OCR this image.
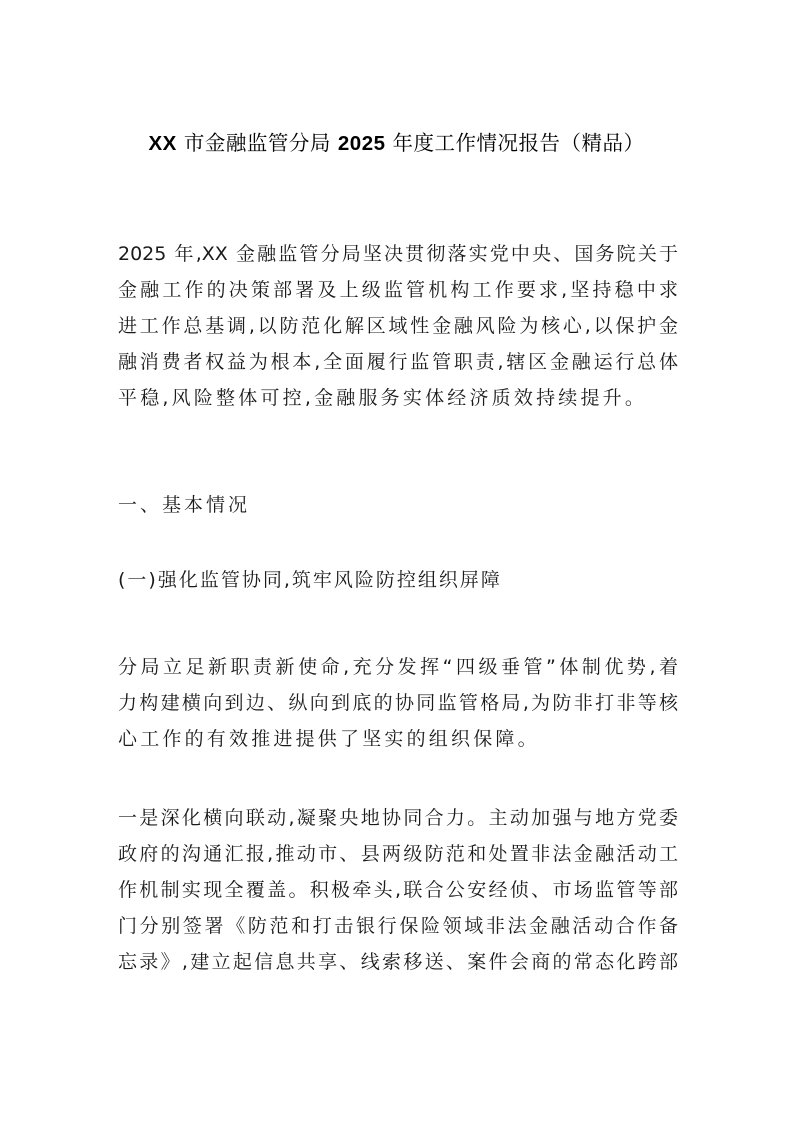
XX 市金融监管分局 2025 年度工作情况报告（精品）
2025 年,XX 金融监管分局坚决贯彻落实党中央、国务院关于
金融工作的决策部署及上级监管机构工作要求,坚持稳中求
进工作总基调,以防范化解区域性金融风险为核心,以保护金
融消费者权益为根本,全面履行监管职责,辖区金融运行总体
平稳,风险整体可控,金融服务实体经济质效持续提升。
一、基本情况
(一)强化监管协同,筑牢风险防控组织屏障
分局立足新职责新使命,充分发挥“四级垂管”体制优势,着
力构建横向到边、纵向到底的协同监管格局,为防非打非等核
心工作的有效推进提供了坚实的组织保障。
一是深化横向联动,凝聚央地协同合力。主动加强与地方党委
政府的沟通汇报,推动市、县两级防范和处置非法金融活动工
作机制实现全覆盖。积极牵头,联合公安经侦、市场监管等部
门分别签署《防范和打击银行保险领域非法金融活动合作备
忘录》,建立起信息共享、线索移送、案件会商的常态化跨部
